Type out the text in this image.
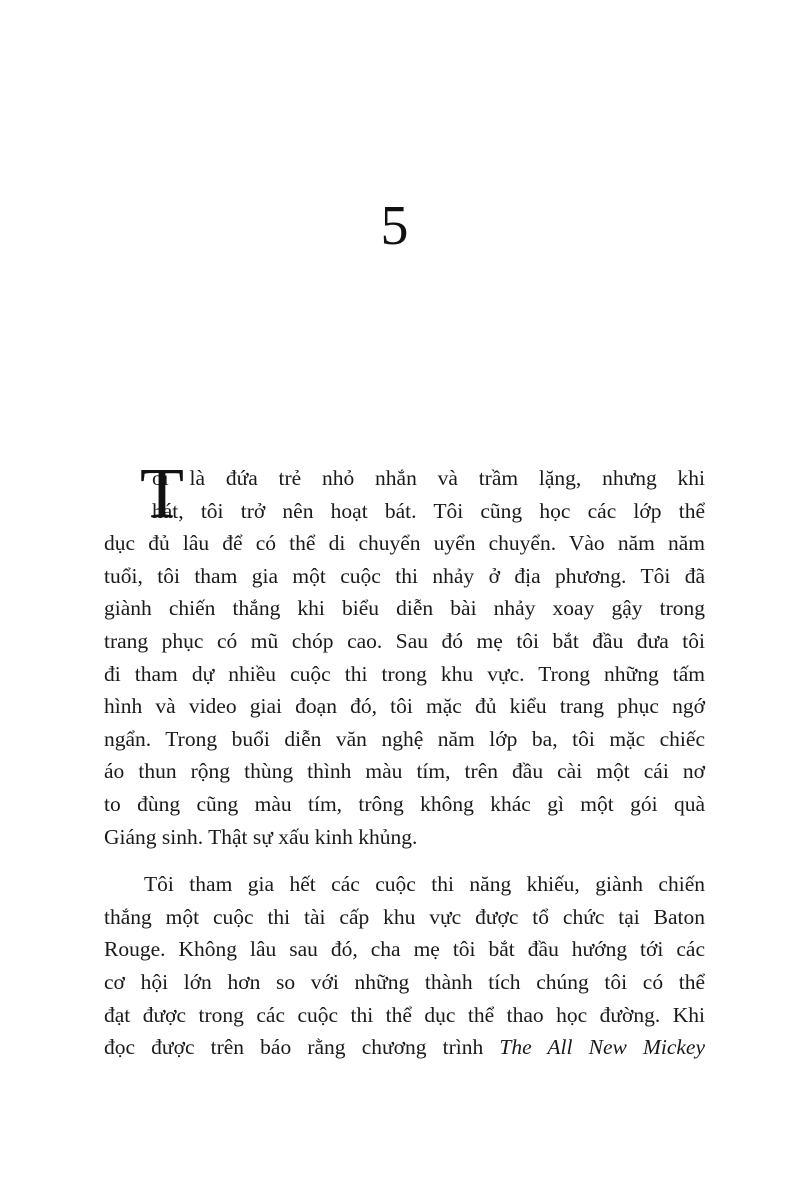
5

T
ôi là đứa trẻ nhỏ nhắn và trầm lặng, nhưng khi
hát, tôi trở nên hoạt bát. Tôi cũng học các lớp thể
dục đủ lâu để có thể di chuyển uyển chuyển. Vào năm năm
tuổi, tôi tham gia một cuộc thi nhảy ở địa phương. Tôi đã
giành chiến thắng khi biểu diễn bài nhảy xoay gậy trong
trang phục có mũ chóp cao. Sau đó mẹ tôi bắt đầu đưa tôi
đi tham dự nhiều cuộc thi trong khu vực. Trong những tấm
hình và video giai đoạn đó, tôi mặc đủ kiểu trang phục ngớ
ngẩn. Trong buổi diễn văn nghệ năm lớp ba, tôi mặc chiếc
áo thun rộng thùng thình màu tím, trên đầu cài một cái nơ
to đùng cũng màu tím, trông không khác gì một gói quà
Giáng sinh. Thật sự xấu kinh khủng.

Tôi tham gia hết các cuộc thi năng khiếu, giành chiến
thắng một cuộc thi tài cấp khu vực được tổ chức tại Baton
Rouge. Không lâu sau đó, cha mẹ tôi bắt đầu hướng tới các
cơ hội lớn hơn so với những thành tích chúng tôi có thể
đạt được trong các cuộc thi thể dục thể thao học đường. Khi
đọc được trên báo rằng chương trình The All New Mickey
